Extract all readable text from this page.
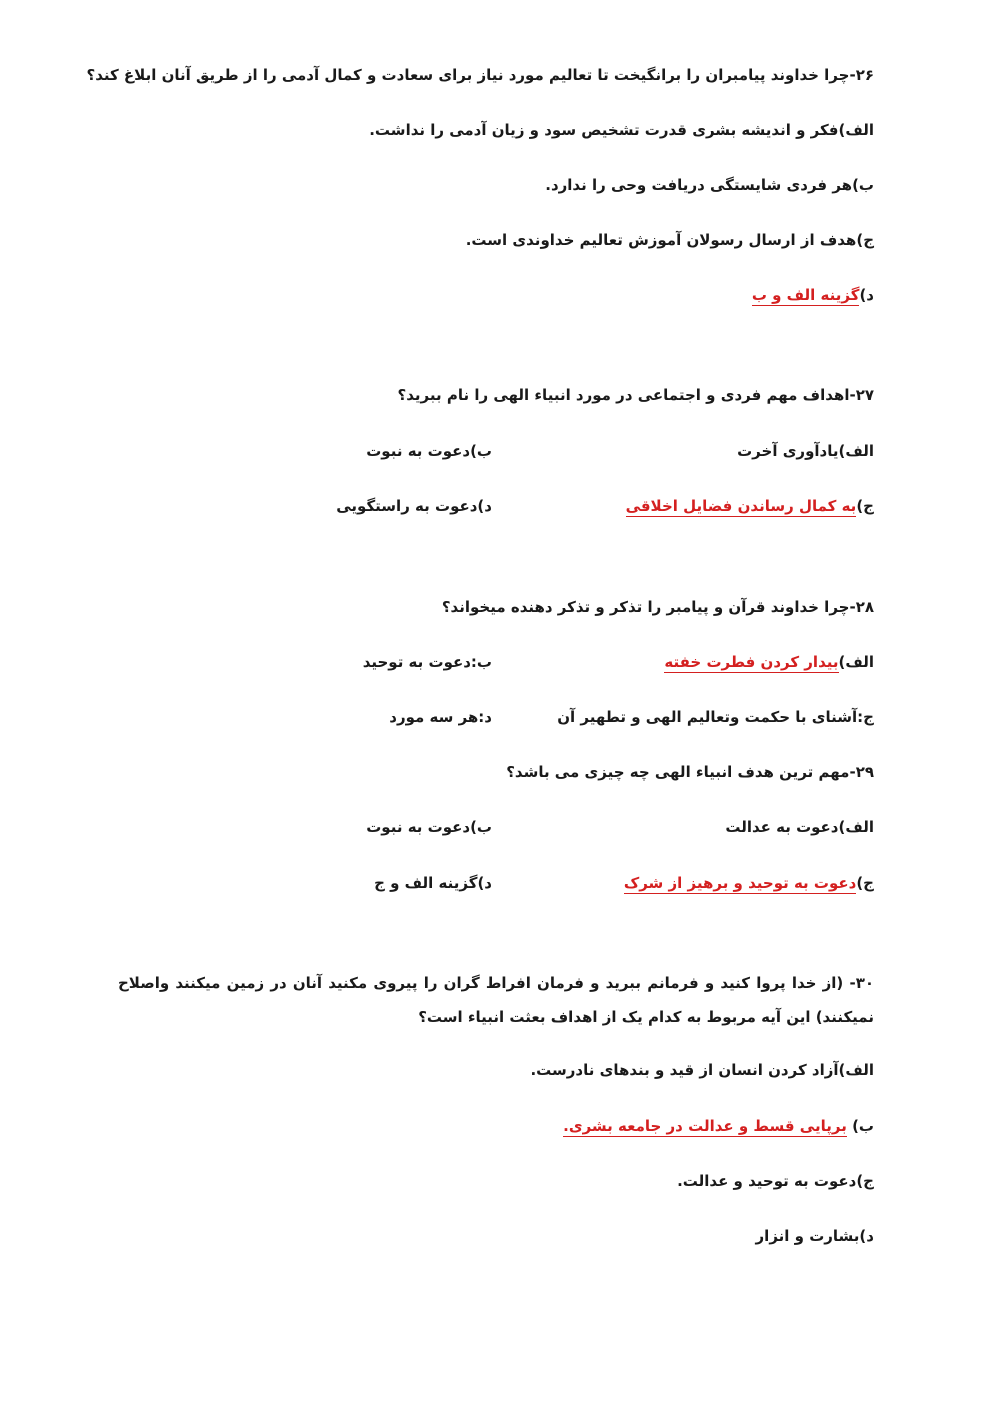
۲۶-چرا خداوند پیامبران را برانگیخت تا تعالیم مورد نیاز برای سعادت و کمال آدمی را از طریق آنان ابلاغ کند؟
الف)فکر و اندیشه بشری قدرت تشخیص سود و زیان آدمی را نداشت.
ب)هر فردی شایستگی دریافت وحی را ندارد.
ج)هدف از ارسال رسولان آموزش تعالیم خداوندی است.
د)گزینه الف و ب
۲۷-اهداف مهم فردی و اجتماعی در مورد انبیاء الهی را نام ببرید؟
الف)یادآوری آخرت
ب)دعوت به نبوت
ج)به کمال رساندن فضایل اخلاقی
د)دعوت به راستگویی
۲۸-چرا خداوند قرآن و پیامبر را تذکر و تذکر دهنده میخواند؟
الف)بیدار کردن فطرت خفته
ب:دعوت به توحید
ج:آشنای با حکمت وتعالیم الهی و تطهیر آن
د:هر سه مورد
۲۹-مهم ترین هدف انبیاء الهی چه چیزی می باشد؟
الف)دعوت به عدالت
ب)دعوت به نبوت
ج)دعوت به توحید و برهیز از شرک
د)گزینه الف و ج
۳۰- (از خدا پروا کنید و فرمانم ببرید و فرمان افراط گران را پیروی مکنید آنان در زمین میکنند واصلاح نمیکنند) این آیه مربوط به کدام یک از اهداف بعثت انبیاء است؟
الف)آزاد کردن انسان از قید و بندهای نادرست.
ب) برپایی قسط و عدالت در جامعه بشری.
ج)دعوت به توحید و عدالت.
د)بشارت و انزار
